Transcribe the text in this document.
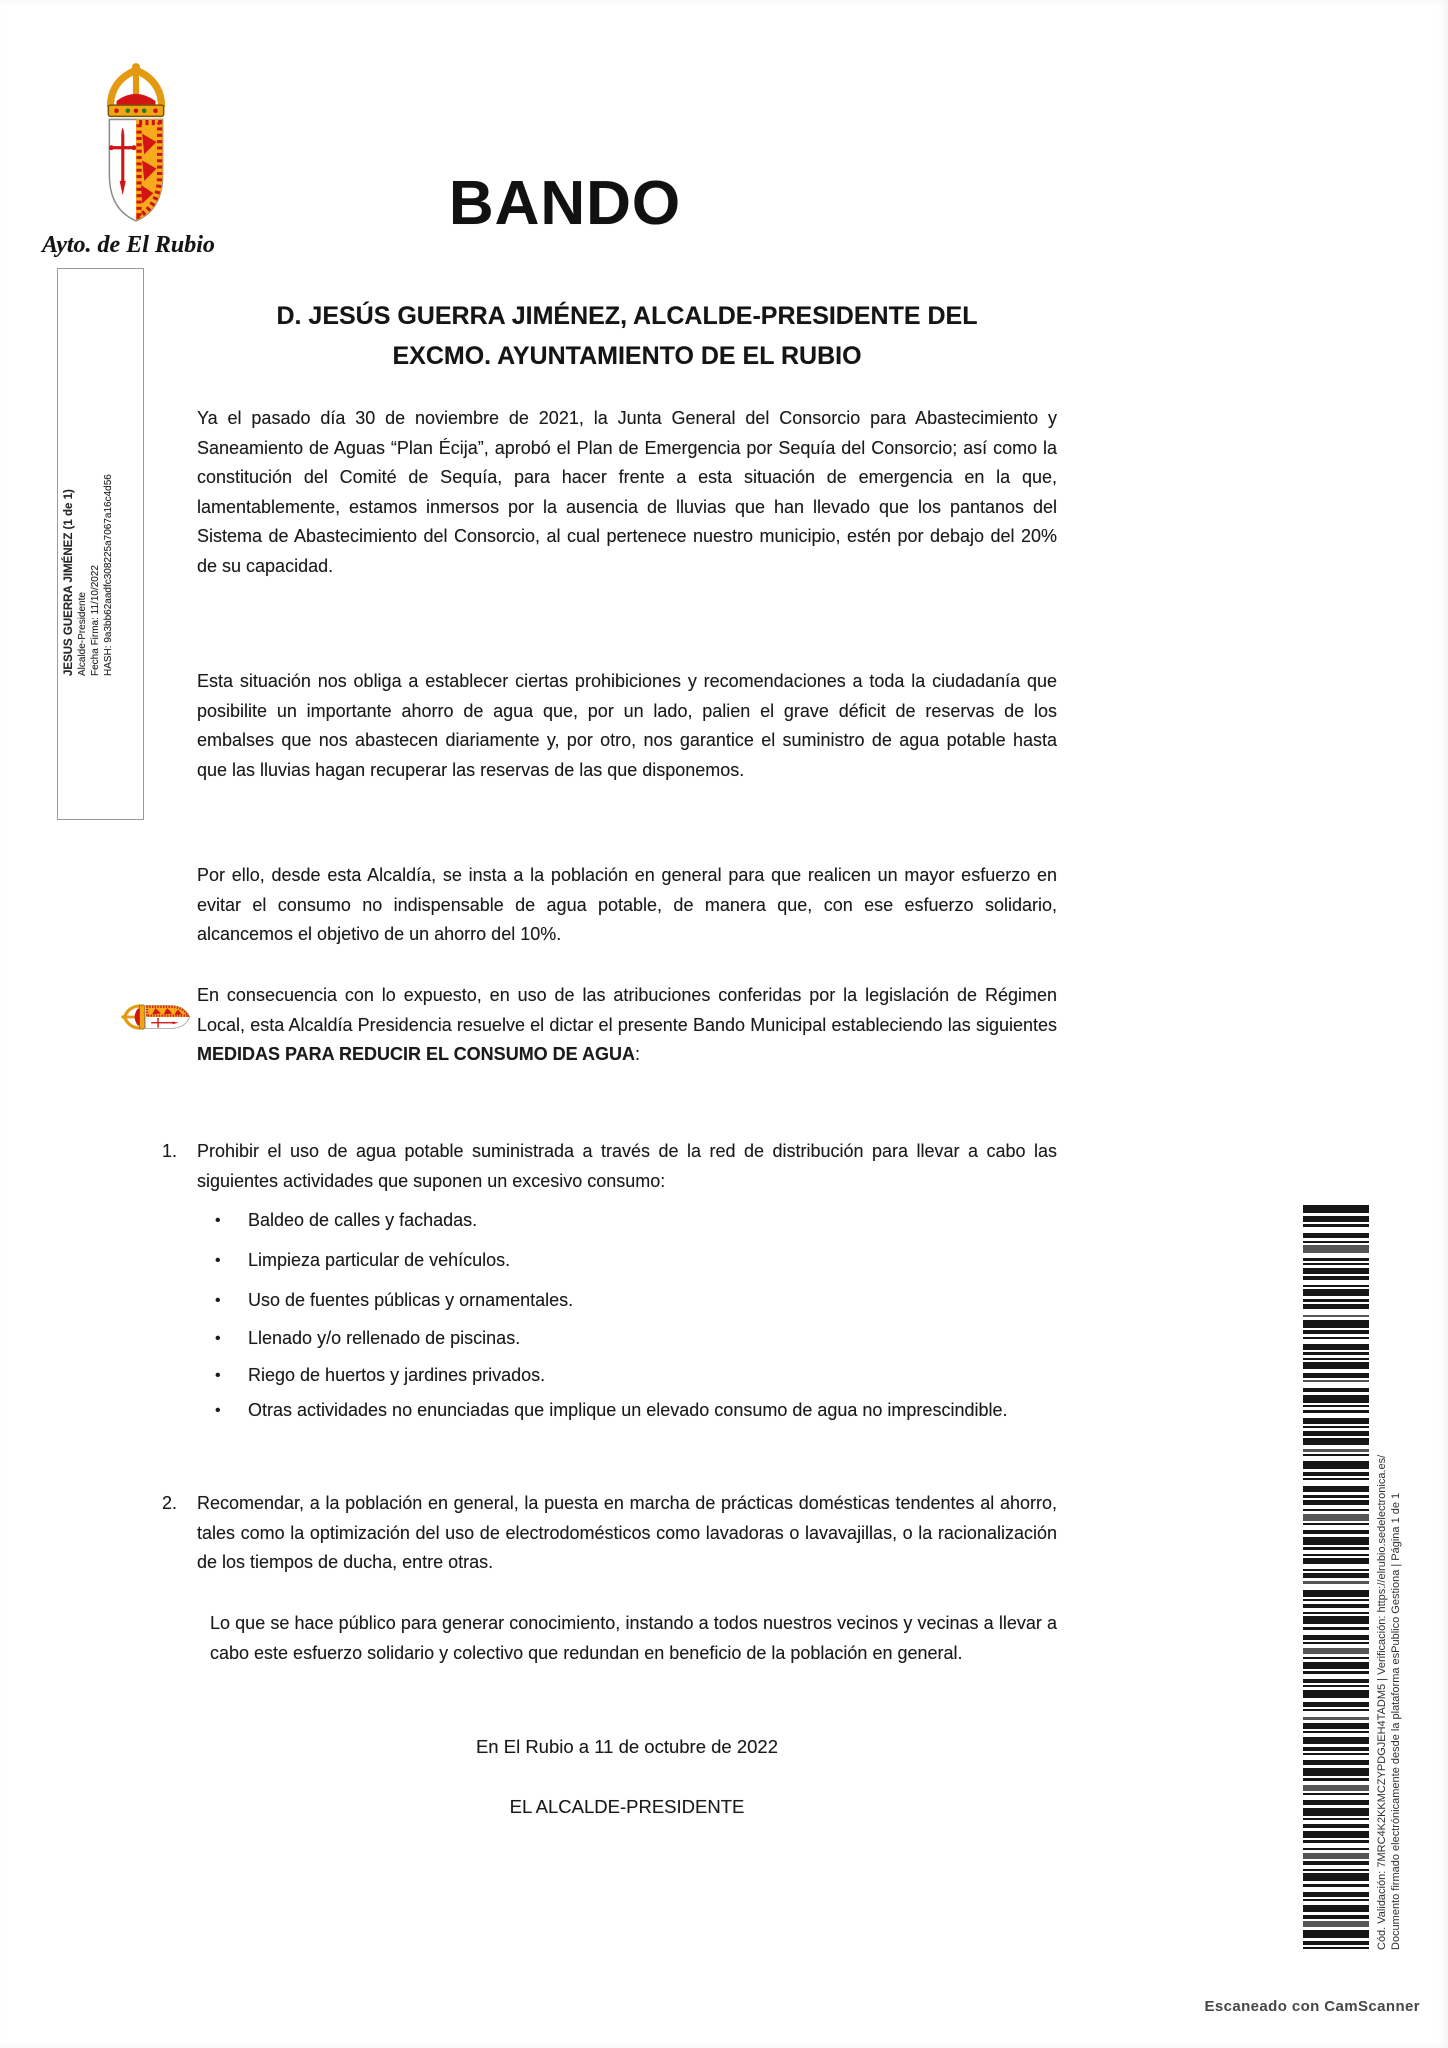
Ayto. de El Rubio
BANDO
D. JESÚS GUERRA JIMÉNEZ, ALCALDE-PRESIDENTE DEL
EXCMO. AYUNTAMIENTO DE EL RUBIO

Ya el pasado día 30 de noviembre de 2021, la Junta General del Consorcio para Abastecimiento y Saneamiento de Aguas “Plan Écija”, aprobó el Plan de Emergencia por Sequía del Consorcio; así como la constitución del Comité de Sequía, para hacer frente a esta situación de emergencia en la que, lamentablemente, estamos inmersos por la ausencia de lluvias que han llevado que los pantanos del Sistema de Abastecimiento del Consorcio, al cual pertenece nuestro municipio, estén por debajo del 20% de su capacidad.

Esta situación nos obliga a establecer ciertas prohibiciones y recomendaciones a toda la ciudadanía que posibilite un importante ahorro de agua que, por un lado, palien el grave déficit de reservas de los embalses que nos abastecen diariamente y, por otro, nos garantice el suministro de agua potable hasta que las lluvias hagan recuperar las reservas de las que disponemos.

Por ello, desde esta Alcaldía, se insta a la población en general para que realicen un mayor esfuerzo en evitar el consumo no indispensable de agua potable, de manera que, con ese esfuerzo solidario, alcancemos el objetivo de un ahorro del 10%.

En consecuencia con lo expuesto, en uso de las atribuciones conferidas por la legislación de Régimen Local, esta Alcaldía Presidencia resuelve el dictar el presente Bando Municipal estableciendo las siguientes MEDIDAS PARA REDUCIR EL CONSUMO DE AGUA:

1.	Prohibir el uso de agua potable suministrada a través de la red de distribución para llevar a cabo las siguientes actividades que suponen un excesivo consumo:
•	Baldeo de calles y fachadas.
•	Limpieza particular de vehículos.
•	Uso de fuentes públicas y ornamentales.
•	Llenado y/o rellenado de piscinas.
•	Riego de huertos y jardines privados.
•	Otras actividades no enunciadas que implique un elevado consumo de agua no imprescindible.
2.	Recomendar, a la población en general, la puesta en marcha de prácticas domésticas tendentes al ahorro, tales como la optimización del uso de electrodomésticos como lavadoras o lavavajillas, o la racionalización de los tiempos de ducha, entre otras.

Lo que se hace público para generar conocimiento, instando a todos nuestros vecinos y vecinas a llevar a cabo este esfuerzo solidario y colectivo que redundan en beneficio de la población en general.

En El Rubio a 11 de octubre de 2022
EL ALCALDE-PRESIDENTE
JESUS GUERRA JIMÉNEZ (1 de 1) Alcalde-Presidente Fecha Firma: 11/10/2022 HASH: 9a3bb62aadfc308225a7067a16c4d56
Cód. Validación: 7MRC4K2KKMCZYPDGJEH4TADM5 | Verificación: https://elrubio.sedelectronica.es/ Documento firmado electrónicamente desde la plataforma esPublico Gestiona | Página 1 de 1
Escaneado con CamScanner
